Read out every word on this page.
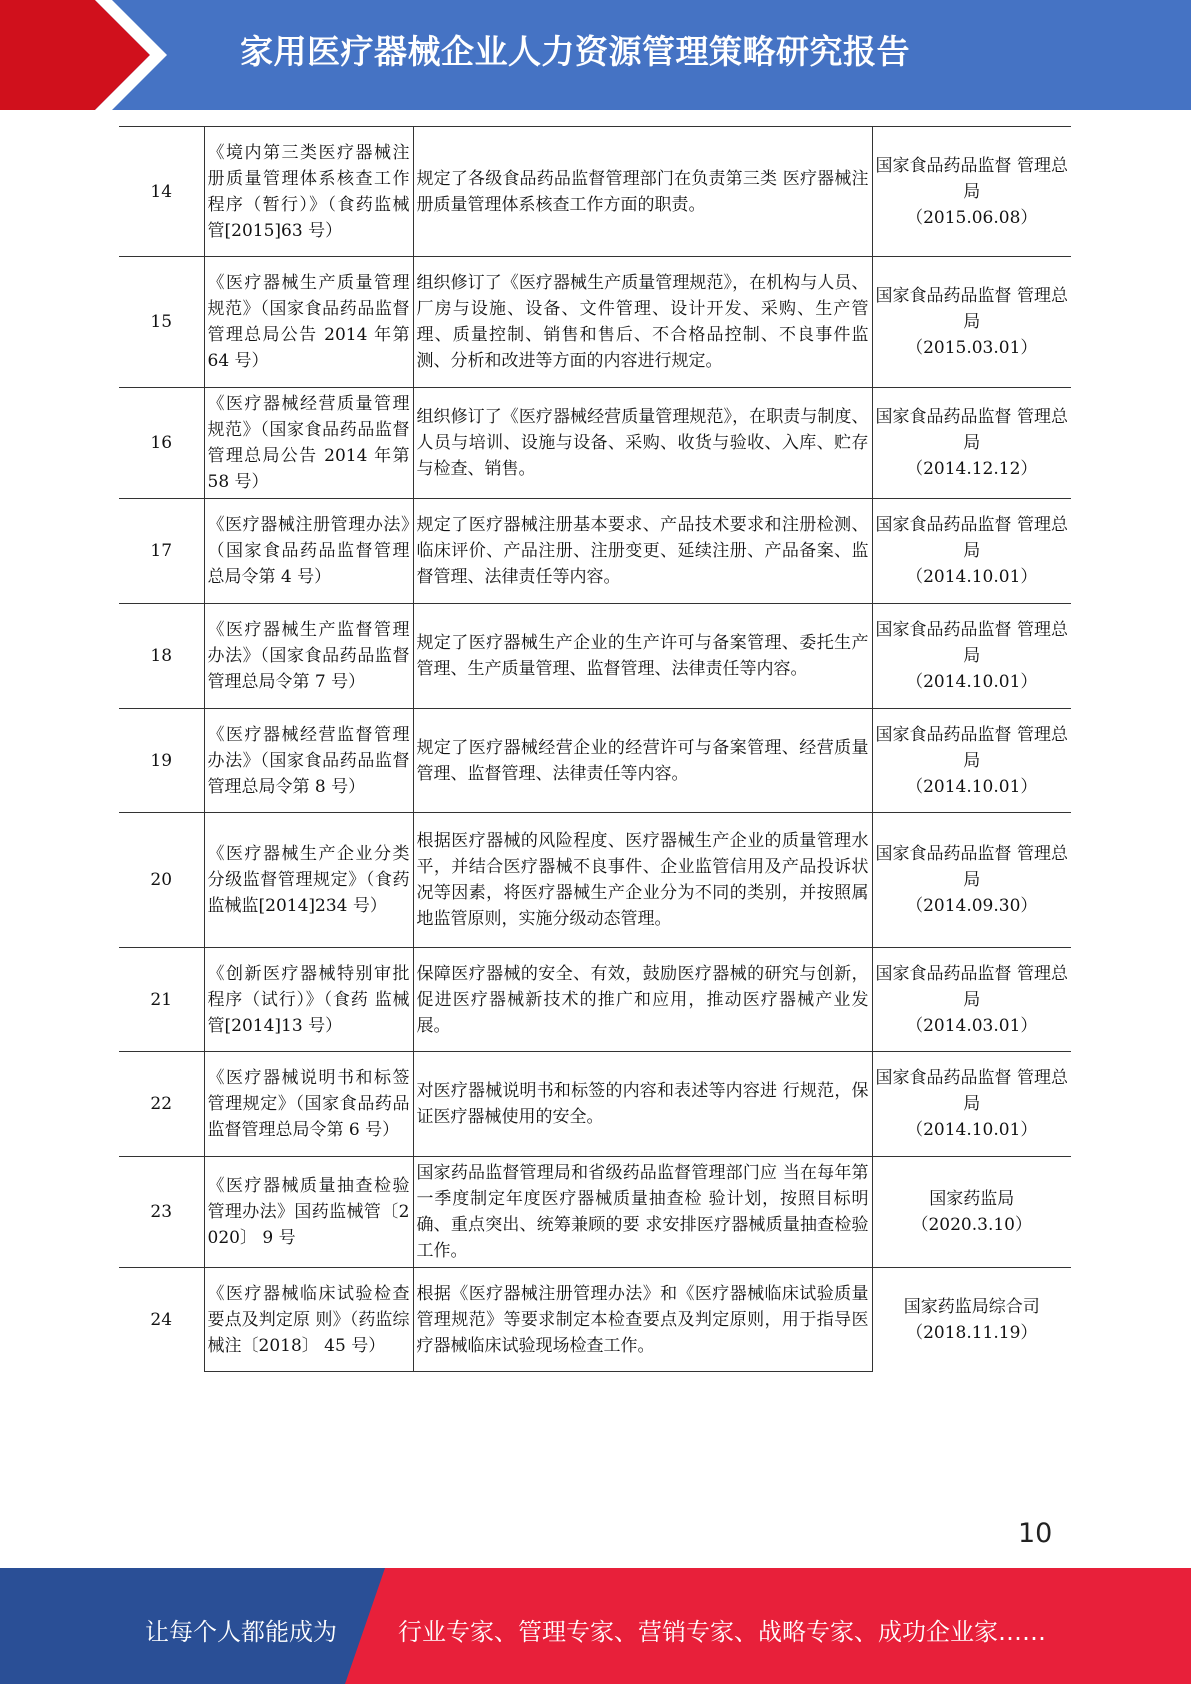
家用医疗器械企业人力资源管理策略研究报告
14	《境内第三类医疗器械注册质量管理体系核查工作程序（暂行）》（食药监械管[2015]63 号）	规定了各级食品药品监督管理部门在负责第三类 医疗器械注册质量管理体系核查工作方面的职责。	国家食品药品监督 管理总局
（2015.06.08）

15	《医疗器械生产质量管理规范》（国家食品药品监督管理总局公告 2014 年第 64 号）	组织修订了《医疗器械生产质量管理规范》，在机构与人员、厂房与设施、设备、文件管理、设计开发、采购、生产管理、质量控制、销售和售后、不合格品控制、不良事件监测、分析和改进等方面的内容进行规定。	国家食品药品监督 管理总局
（2015.03.01）

16	《医疗器械经营质量管理规范》（国家食品药品监督管理总局公告 2014 年第 58 号）	组织修订了《医疗器械经营质量管理规范》，在职责与制度、人员与培训、设施与设备、采购、收货与验收、入库、贮存与检查、销售。	国家食品药品监督 管理总局
（2014.12.12）

17	《医疗器械注册管理办法》（国家食品药品监督管理总局令第 4 号）	规定了医疗器械注册基本要求、产品技术要求和注册检测、临床评价、产品注册、注册变更、延续注册、产品备案、监督管理、法律责任等内容。	国家食品药品监督 管理总局
（2014.10.01）

18	《医疗器械生产监督管理办法》（国家食品药品监督管理总局令第 7 号）	规定了医疗器械生产企业的生产许可与备案管理、委托生产管理、生产质量管理、监督管理、法律责任等内容。	国家食品药品监督 管理总局
（2014.10.01）

19	《医疗器械经营监督管理办法》（国家食品药品监督管理总局令第 8 号）	规定了医疗器械经营企业的经营许可与备案管理、经营质量管理、监督管理、法律责任等内容。	国家食品药品监督 管理总局
（2014.10.01）

20	《医疗器械生产企业分类分级监督管理规定》（食药监械监[2014]234 号）	根据医疗器械的风险程度、医疗器械生产企业的质量管理水平，并结合医疗器械不良事件、企业监管信用及产品投诉状况等因素，将医疗器械生产企业分为不同的类别，并按照属地监管原则，实施分级动态管理。	国家食品药品监督 管理总局
（2014.09.30）

21	《创新医疗器械特别审批程序（试行）》（食药 监械管[2014]13 号）	保障医疗器械的安全、有效，鼓励医疗器械的研究与创新，促进医疗器械新技术的推广和应用，推动医疗器械产业发展。	国家食品药品监督 管理总局
（2014.03.01）

22	《医疗器械说明书和标签管理规定》（国家食品药品监督管理总局令第 6 号）	对医疗器械说明书和标签的内容和表述等内容进 行规范，保证医疗器械使用的安全。	国家食品药品监督 管理总局
（2014.10.01）

23	《医疗器械质量抽查检验管理办法》国药监械管〔2020〕 9 号	国家药品监督管理局和省级药品监督管理部门应 当在每年第一季度制定年度医疗器械质量抽查检 验计划，按照目标明确、重点突出、统筹兼顾的要 求安排医疗器械质量抽查检验工作。	国家药监局
（2020.3.10）

24	《医疗器械临床试验检查要点及判定原 则》（药监综械注〔2018〕 45 号）	根据《医疗器械注册管理办法》和《医疗器械临床试验质量管理规范》等要求制定本检查要点及判定原则，用于指导医疗器械临床试验现场检查工作。	国家药监局综合司
（2018.11.19）
10
让每个人都能成为	行业专家、管理专家、营销专家、战略专家、成功企业家……
